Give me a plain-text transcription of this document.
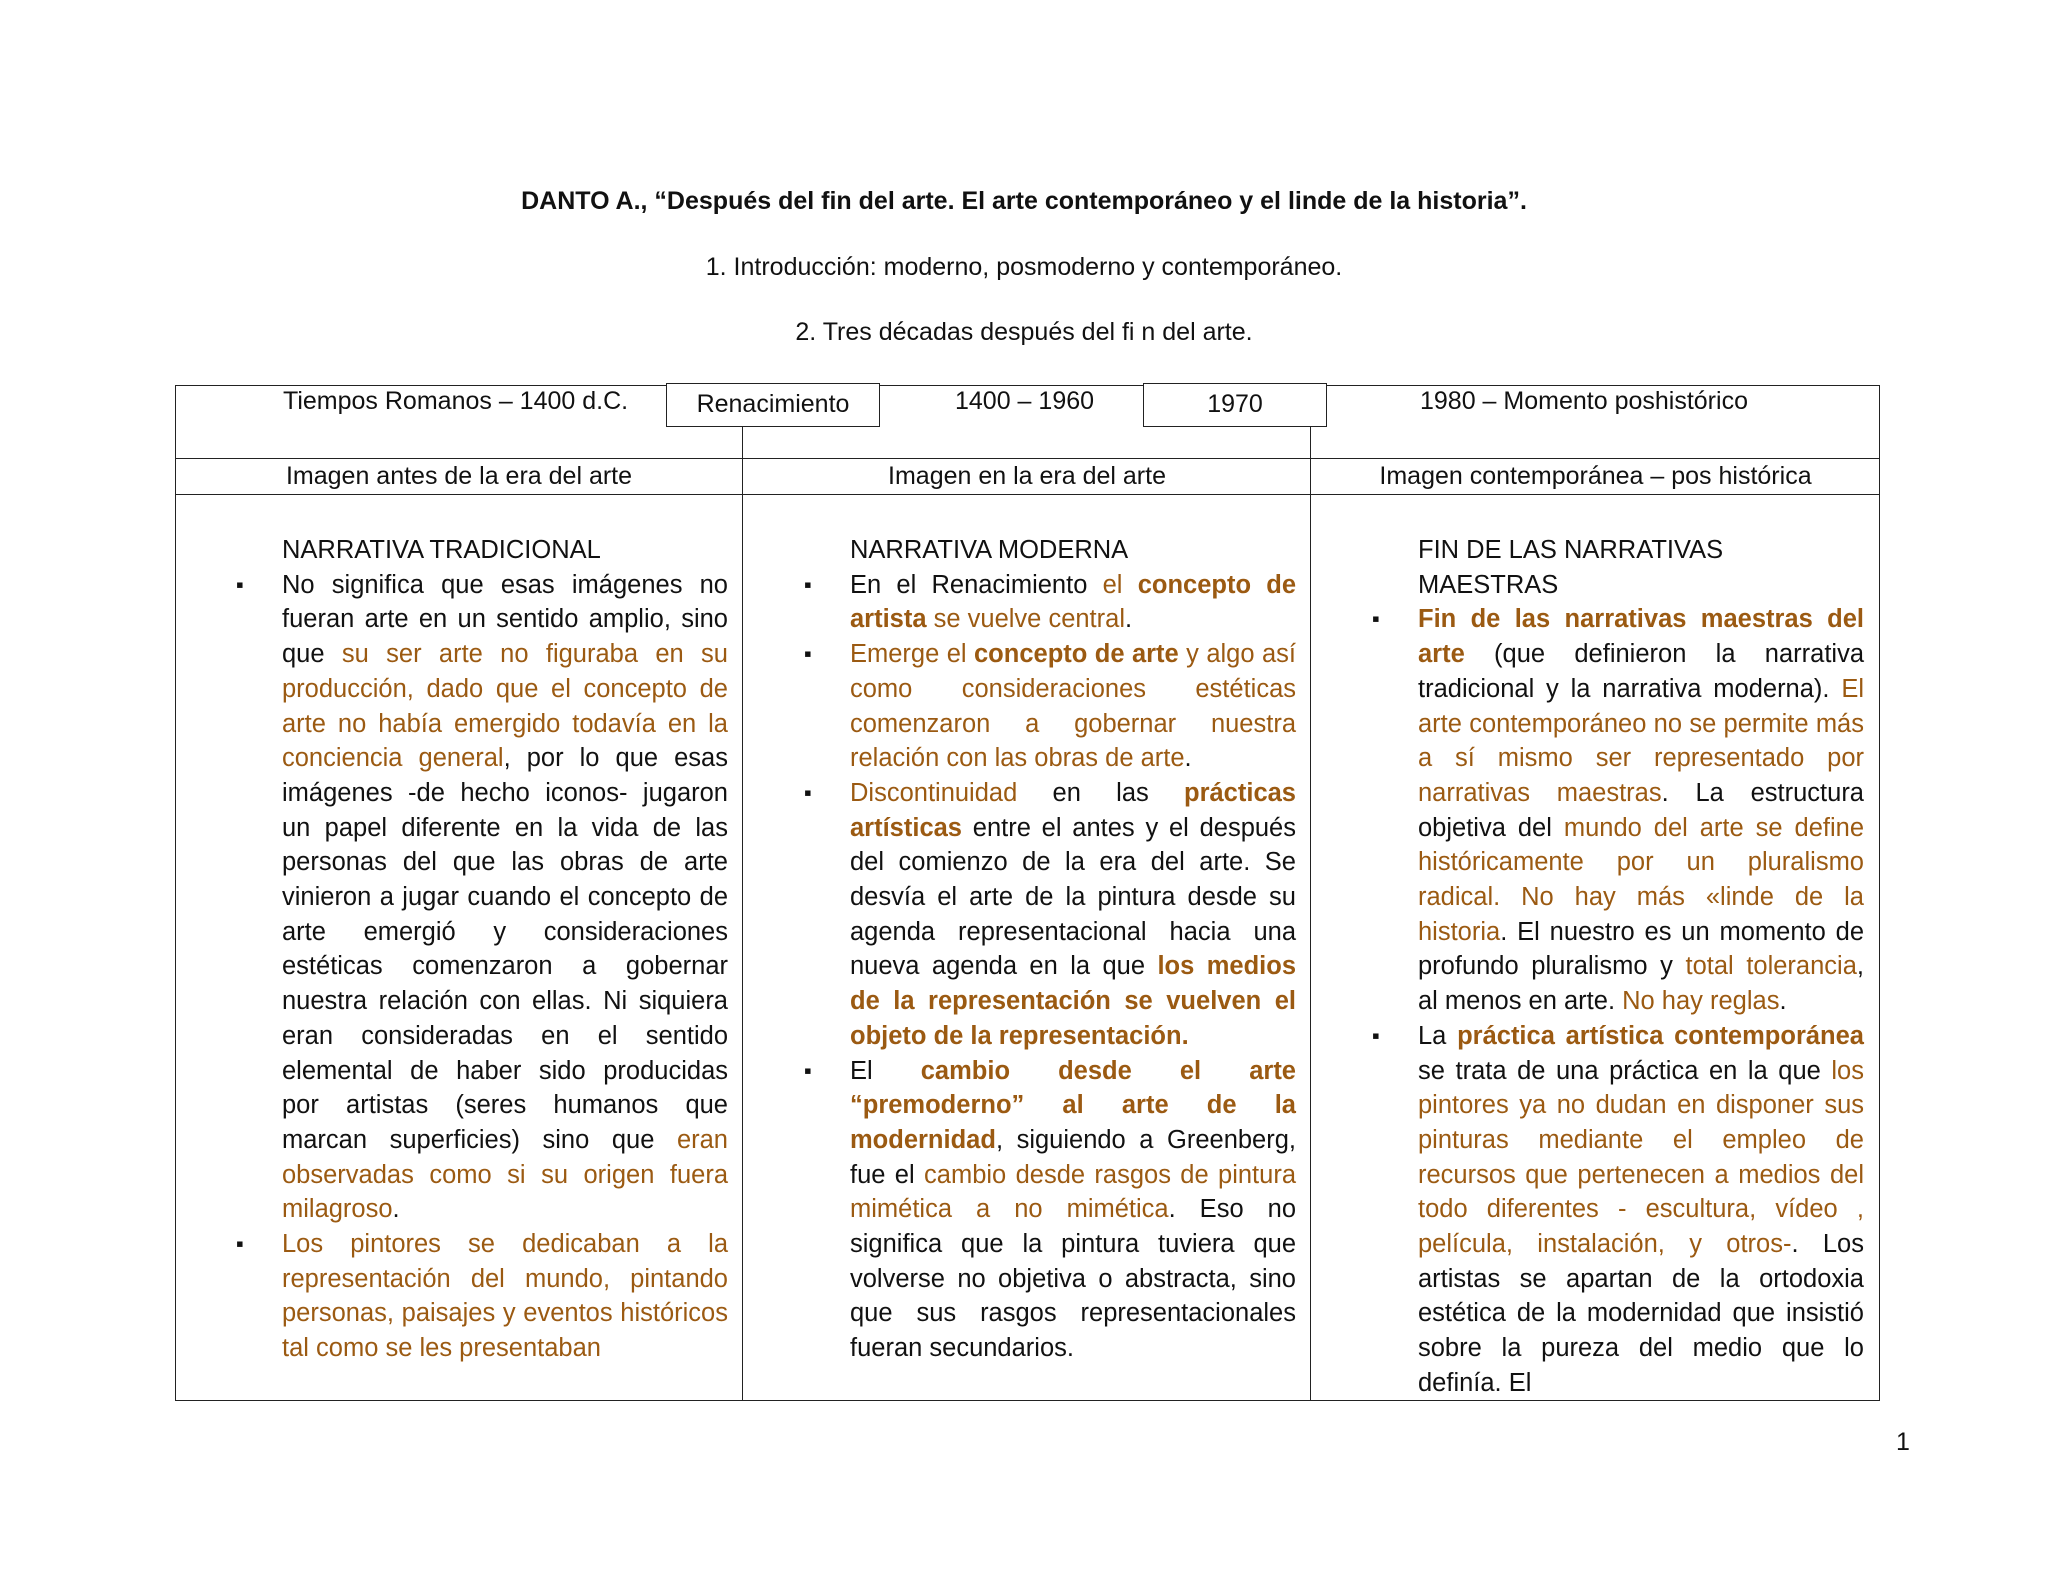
DANTO A., “Después del fin del arte. El arte contemporáneo y el linde de la historia”.
1. Introducción: moderno, posmoderno y contemporáneo.
2. Tres décadas después del fi n del arte.
Tiempos Romanos – 1400 d.C.	Renacimiento	1400 – 1960	1970	1980 – Momento poshistórico
Imagen antes de la era del arte	Imagen en la era del arte	Imagen contemporánea – pos histórica

NARRATIVA TRADICIONAL

▪ No significa que esas imágenes no fueran arte en un sentido amplio, sino que su ser arte no figuraba en su producción, dado que el concepto de arte no había emergido todavía en la conciencia general, por lo que esas imágenes -de hecho iconos- jugaron un papel diferente en la vida de las personas del que las obras de arte vinieron a jugar cuando el concepto de arte emergió y consideraciones estéticas comenzaron a gobernar nuestra relación con ellas. Ni siquiera eran consideradas en el sentido elemental de haber sido producidas por artistas (seres humanos que marcan superficies) sino que eran observadas como si su origen fuera milagroso.
▪ Los pintores se dedicaban a la representación del mundo, pintando personas, paisajes y eventos históricos tal como se les presentaban

NARRATIVA MODERNA

▪ En el Renacimiento el concepto de artista se vuelve central.
▪ Emerge el concepto de arte y algo así como consideraciones estéticas comenzaron a gobernar nuestra relación con las obras de arte.
▪ Discontinuidad en las prácticas artísticas entre el antes y el después del comienzo de la era del arte. Se desvía el arte de la pintura desde su agenda representacional hacia una nueva agenda en la que los medios de la representación se vuelven el objeto de la representación.
▪ El cambio desde el arte “premoderno” al arte de la modernidad, siguiendo a Greenberg, fue el cambio desde rasgos de pintura mimética a no mimética. Eso no significa que la pintura tuviera que volverse no objetiva o abstracta, sino que sus rasgos representacionales fueran secundarios.

FIN DE LAS NARRATIVAS MAESTRAS

▪ Fin de las narrativas maestras del arte (que definieron la narrativa tradicional y la narrativa moderna). El arte contemporáneo no se permite más a sí mismo ser representado por narrativas maestras. La estructura objetiva del mundo del arte se define históricamente por un pluralismo radical. No hay más «linde de la historia. El nuestro es un momento de profundo pluralismo y total tolerancia, al menos en arte. No hay reglas.
▪ La práctica artística contemporánea se trata de una práctica en la que los pintores ya no dudan en disponer sus pinturas mediante el empleo de recursos que pertenecen a medios del todo diferentes - escultura, vídeo , película, instalación, y otros-. Los artistas se apartan de la ortodoxia estética de la modernidad que insistió sobre la pureza del medio que lo definía. El
1
